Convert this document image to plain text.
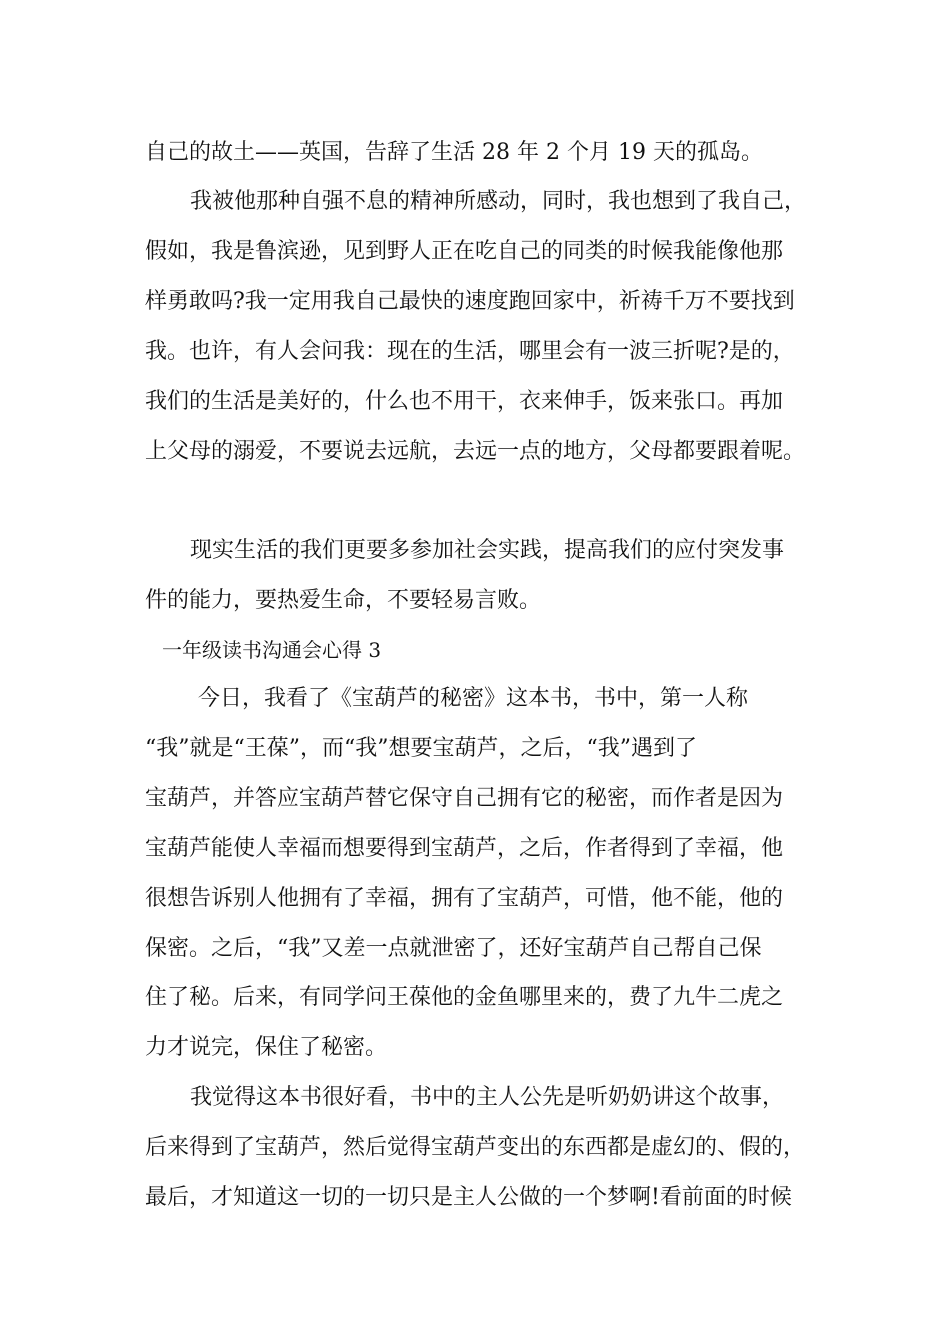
自己的故土——英国，告辞了生活 28 年 2 个月 19 天的孤岛。

我被他那种自强不息的精神所感动，同时，我也想到了我自己，

假如，我是鲁滨逊，见到野人正在吃自己的同类的时候我能像他那

样勇敢吗?我一定用我自己最快的速度跑回家中，祈祷千万不要找到

我。也许，有人会问我：现在的生活，哪里会有一波三折呢?是的，

我们的生活是美好的，什么也不用干，衣来伸手，饭来张口。再加

上父母的溺爱，不要说去远航，去远一点的地方，父母都要跟着呢。

现实生活的我们更要多参加社会实践，提高我们的应付突发事

件的能力，要热爱生命，不要轻易言败。

一年级读书沟通会心得 3

今日，我看了《宝葫芦的秘密》这本书，书中，第一人称

“我”就是“王葆”，而“我”想要宝葫芦，之后，“我”遇到了

宝葫芦，并答应宝葫芦替它保守自己拥有它的秘密，而作者是因为

宝葫芦能使人幸福而想要得到宝葫芦，之后，作者得到了幸福，他

很想告诉别人他拥有了幸福，拥有了宝葫芦，可惜，他不能，他的

保密。之后，“我”又差一点就泄密了，还好宝葫芦自己帮自己保

住了秘。后来，有同学问王葆他的金鱼哪里来的，费了九牛二虎之

力才说完，保住了秘密。

我觉得这本书很好看，书中的主人公先是听奶奶讲这个故事，

后来得到了宝葫芦，然后觉得宝葫芦变出的东西都是虚幻的、假的，

最后，才知道这一切的一切只是主人公做的一个梦啊!看前面的时候
